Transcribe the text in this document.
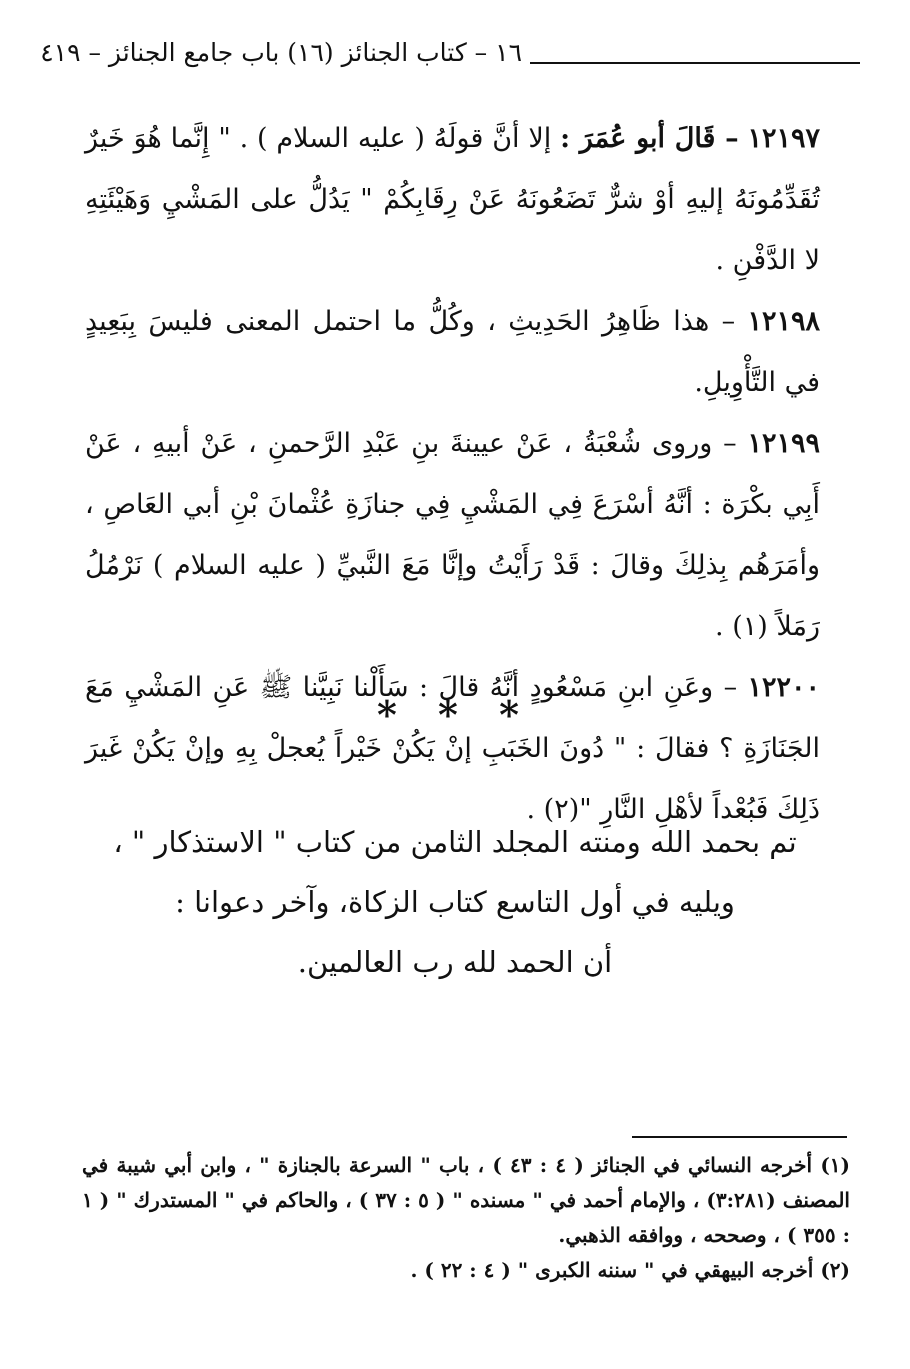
١٦ – كتاب الجنائز (١٦) باب جامع الجنائز – ٤١٩

١٢١٩٧ – قَالَ أبو عُمَرَ : إلا أنَّ قولَهُ ( عليه السلام ) . " إِنَّما هُوَ خَيرٌ تُقَدِّمُونَهُ إليهِ أوْ شرٌّ تَضَعُونَهُ عَنْ رِقَابِكُمْ " يَدُلُّ على المَشْيِ وَهَيْئَتِهِ لا الدَّفْنِ .

١٢١٩٨ – هذا ظَاهِرُ الحَدِيثِ ، وكُلُّ ما احتمل المعنى فليسَ بِبَعِيدٍ في التَّأْوِيلِ.

١٢١٩٩ – وروى شُعْبَةُ ، عَنْ عيينةَ بنِ عَبْدِ الرَّحمنِ ، عَنْ أبيهِ ، عَنْ أَبِي بكْرَة : أنَّهُ أسْرَعَ فِي المَشْيِ فِي جنازَةِ عُثْمانَ بْنِ أبي العَاصِ ، وأمَرَهُم بِذلِكَ وقالَ : قَدْ رَأَيْتُ وإنَّا مَعَ النَّبيِّ ( عليه السلام ) نَرْمُلُ رَمَلاً (١) .

١٢٢٠٠ – وعَنِ ابنِ مَسْعُودٍ أنَّهُ قالَ : سَأَلْنا نَبِيَّنا ﷺ عَنِ المَشْيِ مَعَ الجَنَازَةِ ؟ فقالَ : " دُونَ الخَبَبِ إنْ يَكُنْ خَيْراً يُعجلْ بِهِ وإنْ يَكُنْ غَيرَ ذَلِكَ فَبُعْداً لأهْلِ النَّارِ "(٢) .

* * *
تم بحمد الله ومنته المجلد الثامن من كتاب " الاستذكار " ،
ويليه في أول التاسع كتاب الزكاة، وآخر دعوانا :
أن الحمد لله رب العالمين.

(١) أخرجه النسائي في الجنائز ( ٤ : ٤٣ ) ، باب " السرعة بالجنازة " ، وابن أبي شيبة في المصنف (٣:٢٨١) ، والإمام أحمد في " مسنده " ( ٥ : ٣٧ ) ، والحاكم في " المستدرك " ( ١ : ٣٥٥ ) ، وصححه ، ووافقه الذهبي.

(٢) أخرجه البيهقي في " سننه الكبرى " ( ٤ : ٢٢ ) .
